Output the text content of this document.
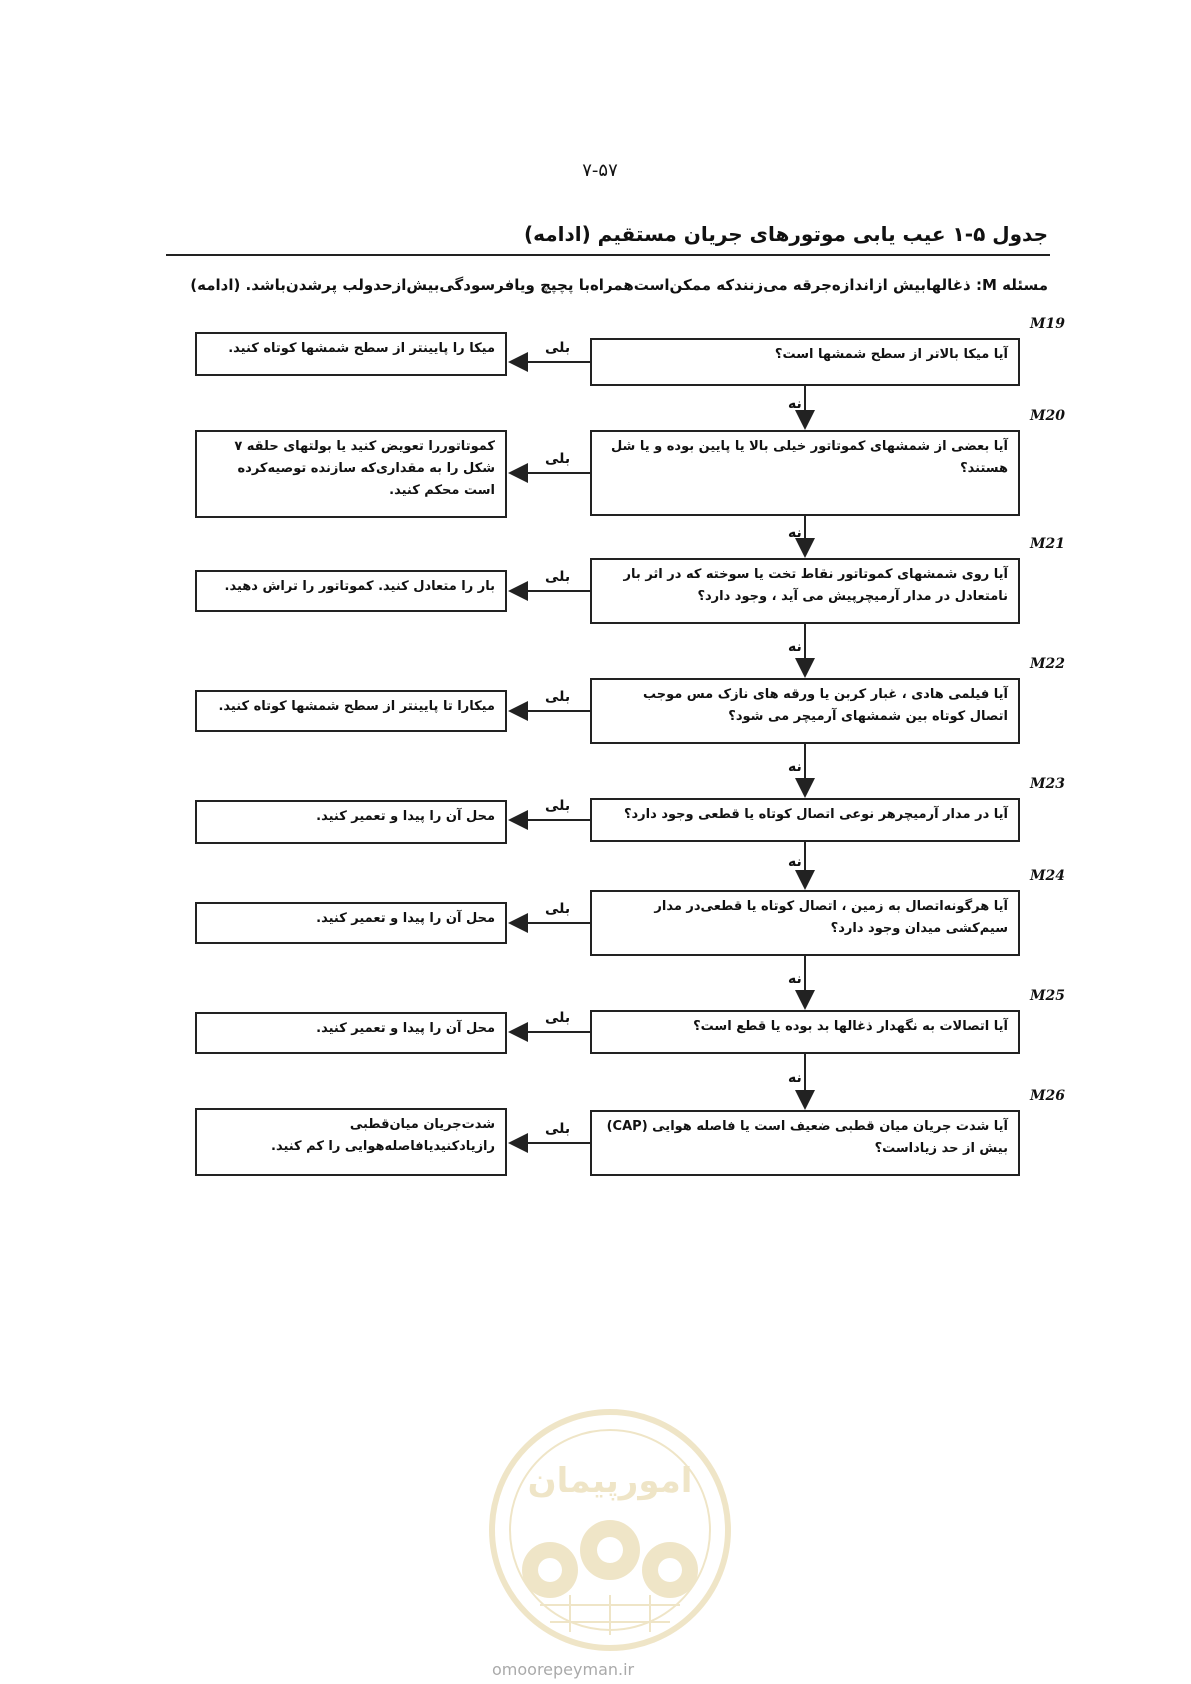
۷-۵۷
جدول ۵-۱ عیب یابی موتورهای جریان مستقیم (ادامه)
مسئله M: ذغالهابیش ازاندازه‌جرقه می‌زنندکه ممکن‌است‌همراه‌با پچپچ ویافرسودگی‌بیش‌ازحدولب پرشدن‌باشد. (ادامه)
M19
آیا میکا بالاتر از سطح شمشها است؟
میکا را پایینتر از سطح شمشها کوتاه کنید.	بلی
نه
M20
آیا بعضی از شمشهای کموتاتور خیلی بالا یا پایین بوده و یا شل هستند؟
کموتاتوررا تعویض کنید یا بولتهای حلقه ۷ شکل را به مقداری‌که سازنده توصیه‌کرده است محکم کنید.
بلی
نه
M21
آیا روی شمشهای کموتاتور نقاط تخت یا سوخته که در اثر بار نامتعادل در مدار آرمیچرپیش می آید ، وجود دارد؟
بار را متعادل کنید. کموتاتور را تراش دهید.
بلی
نه
M22
آیا فیلمی هادی ، غبار کربن یا ورقه های نازک مس موجب اتصال کوتاه بین شمشهای آرمیچر می شود؟
میکارا تا پایینتر از سطح شمشها کوتاه کنید.
بلی
نه
M23
آیا در مدار آرمیچرهر نوعی اتصال کوتاه یا قطعی وجود دارد؟
محل آن را پیدا و تعمیر کنید.
بلی
نه
M24
آیا هرگونه‌اتصال به زمین ، اتصال کوتاه یا قطعی‌در مدار سیم‌کشی میدان وجود دارد؟
محل آن را پیدا و تعمیر کنید.
بلی
نه
M25
آیا اتصالات به نگهدار ذغالها بد بوده یا قطع است؟
محل آن را پیدا و تعمیر کنید.
بلی
نه
M26
آیا شدت جریان میان قطبی ضعیف است یا فاصله هوایی (CAP) بیش از حد زیاداست؟
شدت‌جریان میان‌قطبی رازیادکنیدیافاصله‌هوایی را کم کنید.
بلی
امورپیمان
omoorepeyman.ir
